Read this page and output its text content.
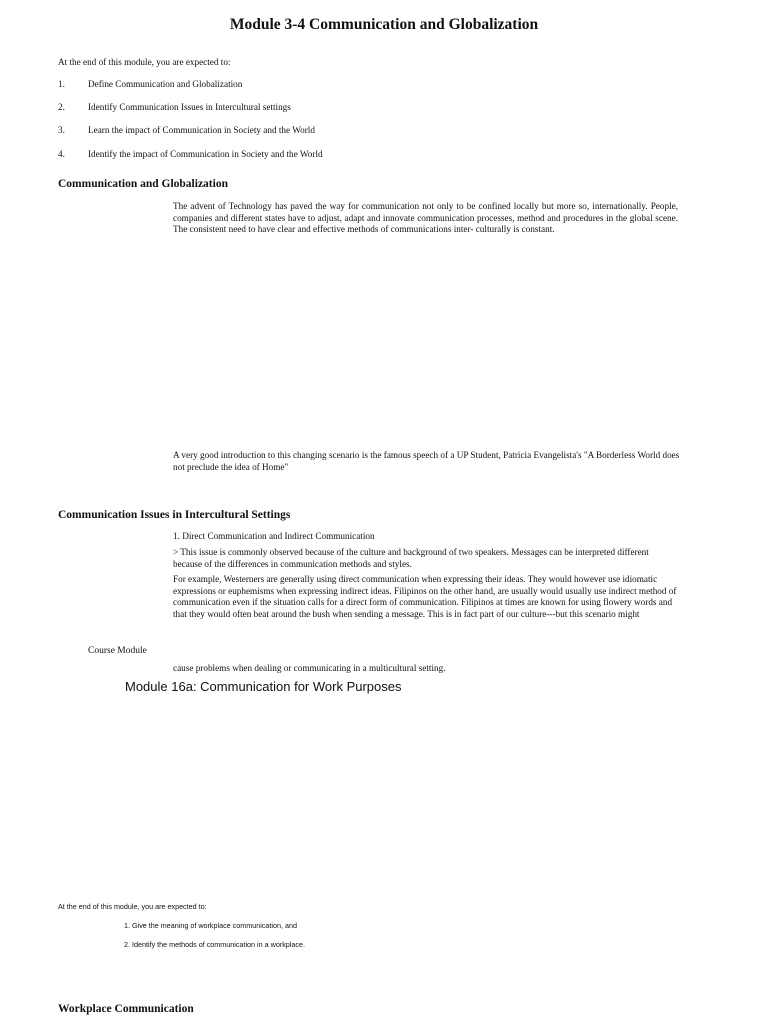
Module 3-4 Communication and Globalization
At the end of this module, you are expected to:
1.	Define Communication and Globalization
2.	Identify Communication Issues in Intercultural settings
3.	Learn the impact of Communication in Society and the World
4.	Identify the impact of Communication in Society and the World
Communication and Globalization
The advent of Technology has paved the way for communication not only to be confined locally but more so, internationally. People, companies and different states have to adjust, adapt and innovate communication processes, method and procedures in the global scene. The consistent need to have clear and effective methods of communications inter- culturally is constant.
A very good introduction to this changing scenario is the famous speech of a UP Student, Patricia Evangelista's "A Borderless World does not preclude the idea of Home"
Communication Issues in Intercultural Settings
1. Direct Communication and Indirect Communication
> This issue is commonly observed because of the culture and background of two speakers. Messages can be interpreted different because of the differences in communication methods and styles.
For example, Westerners are generally using direct communication when expressing their ideas. They would however use idiomatic expressions or euphemisms when expressing indirect ideas. Filipinos on the other hand, are usually would usually use indirect method of communication even if the situation calls for a direct form of communication. Filipinos at times are known for using flowery words and that they would often beat around the bush when sending a message. This is in fact part of our culture---but this scenario might
Course Module
cause problems when dealing or communicating in a multicultural setting.
Module 16a: Communication for Work Purposes
At the end of this module, you are expected to:
1. Give the meaning of workplace communication, and
2. Identify the methods of communication in a workplace.
Workplace Communication
